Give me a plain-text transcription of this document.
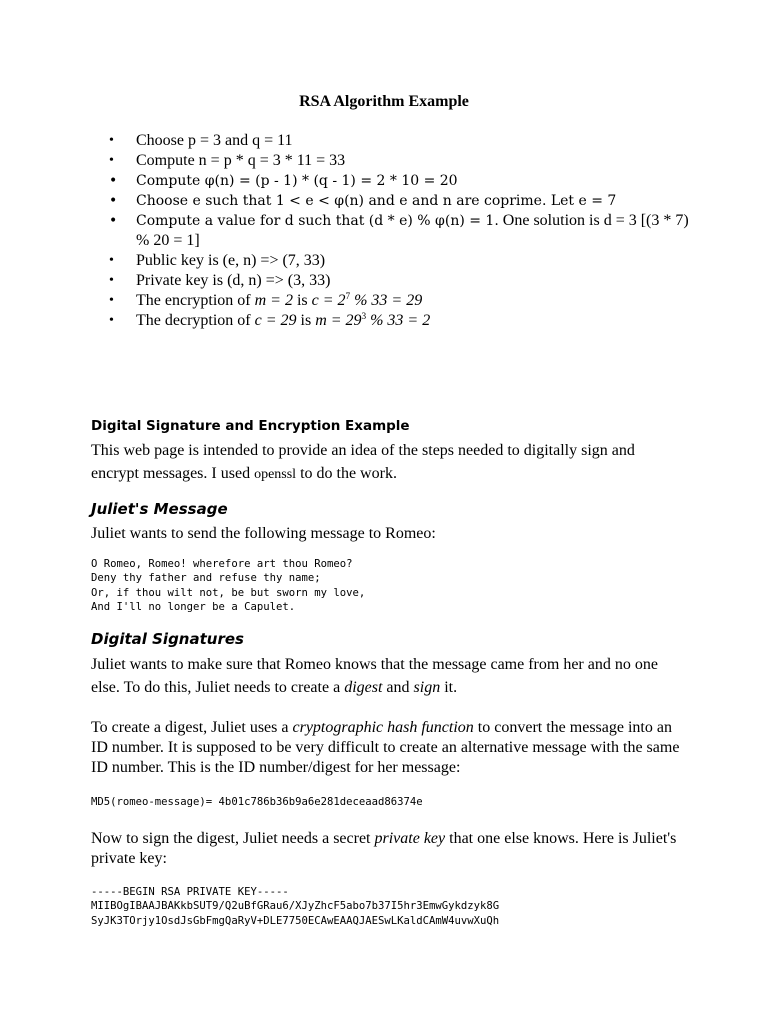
RSA Algorithm Example
• Choose p = 3 and q = 11
• Compute n = p * q = 3 * 11 = 33
• Compute φ(n) = (p - 1) * (q - 1) = 2 * 10 = 20
• Choose e such that 1 < e < φ(n) and e and n are coprime. Let e = 7
• Compute a value for d such that (d * e) % φ(n) = 1. One solution is d = 3 [(3 * 7) % 20 = 1]
• Public key is (e, n) => (7, 33)
• Private key is (d, n) => (3, 33)
• The encryption of m = 2 is $c = 2^7$ % 33 = 29
• The decryption of c = 29 is $m = 29^3$ % 33 = 2
Digital Signature and Encryption Example

This web page is intended to provide an idea of the steps needed to digitally sign and encrypt messages. I used openssl to do the work.

Juliet's Message

Juliet wants to send the following message to Romeo:

O Romeo, Romeo! wherefore art thou Romeo?
Deny thy father and refuse thy name;
Or, if thou wilt not, be but sworn my love,
And I'll no longer be a Capulet.
Digital Signatures

Juliet wants to make sure that Romeo knows that the message came from her and no one else. To do this, Juliet needs to create a digest and sign it.

To create a digest, Juliet uses a cryptographic hash function to convert the message into an ID number. It is supposed to be very difficult to create an alternative message with the same ID number. This is the ID number/digest for her message:

MD5(romeo-message)= 4b01c786b36b9a6e281deceaad86374e

Now to sign the digest, Juliet needs a secret private key that one else knows. Here is Juliet's private key:

-----BEGIN RSA PRIVATE KEY-----
MIIBOgIBAAJBAKkbSUT9/Q2uBfGRau6/XJyZhcF5abo7b37I5hr3EmwGykdzyk8G
SyJK3TOrjy1OsdJsGbFmgQaRyV+DLE7750ECAwEAAQJAESwLKaldCAmW4uvwXuQh
